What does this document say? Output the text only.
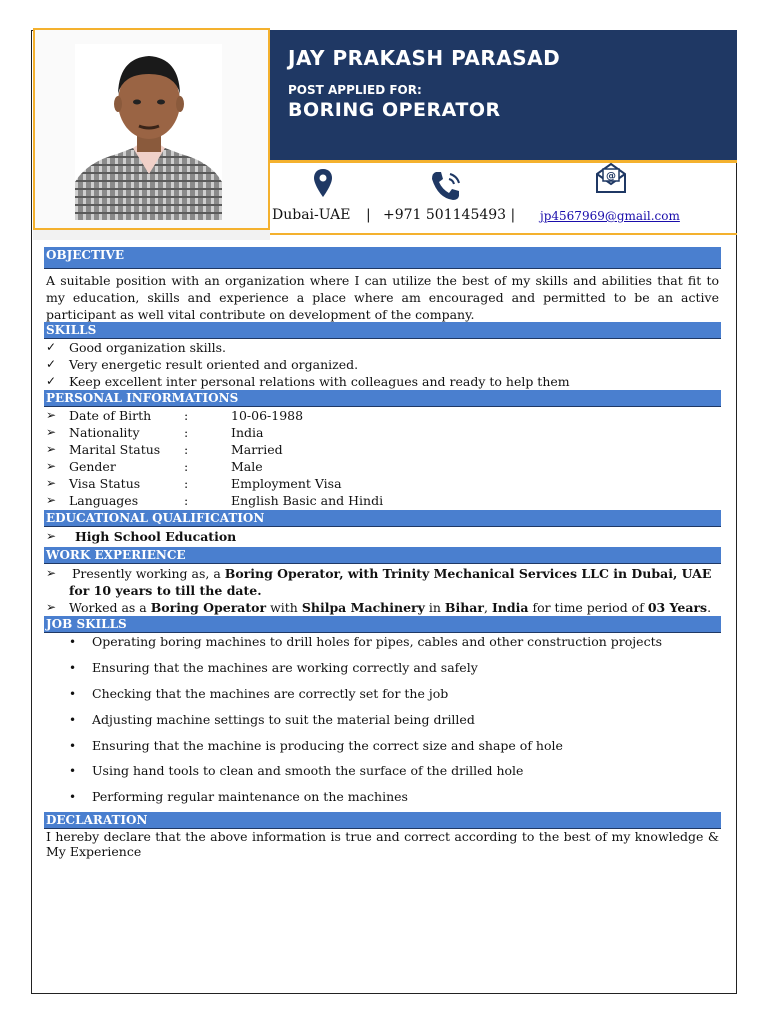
JAY PRAKASH PARASAD
POST APPLIED FOR:
BORING OPERATOR
@
Dubai-UAE | +971 501145493 | jp4567969@gmail.com
OBJECTIVE
A suitable position with an organization where I can utilize the best of my skills and abilities that fit to my education, skills and experience a place where am encouraged and permitted to be an active participant as well vital contribute on development of the company.
SKILLS
✓ Good organization skills.
✓ Very energetic result oriented and organized.
✓ Keep excellent inter personal relations with colleagues and ready to help them
PERSONAL INFORMATIONS
➢ Date of Birth	:	10-06-1988
➢ Nationality	:	India
➢ Marital Status :	Married
➢ Gender	:	Male
➢ Visa Status	:	Employment Visa
➢ Languages	:	English Basic and Hindi
EDUCATIONAL QUALIFICATION
➢ High School Education
WORK EXPERIENCE
➢ Presently working as, a Boring Operator, with Trinity Mechanical Services LLC in Dubai, UAE
for 10 years to till the date.
➢ Worked as a Boring Operator with Shilpa Machinery in Bihar, India for time period of 03 Years.
JOB SKILLS
• Operating boring machines to drill holes for pipes, cables and other construction projects
• Ensuring that the machines are working correctly and safely
• Checking that the machines are correctly set for the job
• Adjusting machine settings to suit the material being drilled
• Ensuring that the machine is producing the correct size and shape of hole
• Using hand tools to clean and smooth the surface of the drilled hole
• Performing regular maintenance on the machines
DECLARATION
I hereby declare that the above information is true and correct according to the best of my knowledge & My Experience
